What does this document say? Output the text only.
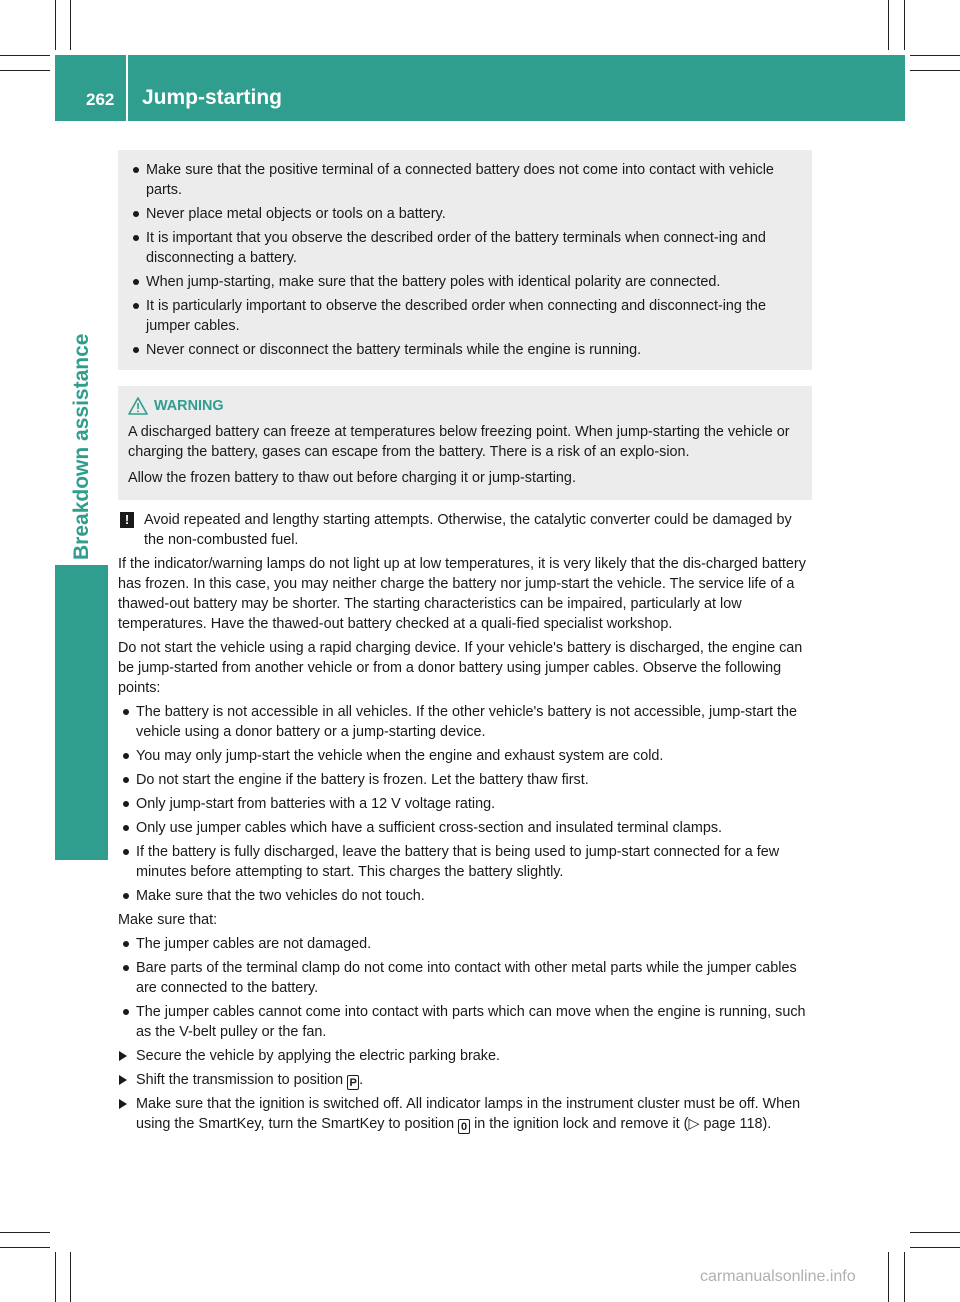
262 Jump-starting
Breakdown assistance
Make sure that the positive terminal of a connected battery does not come into contact with vehicle parts.
Never place metal objects or tools on a battery.
It is important that you observe the described order of the battery terminals when connect-ing and disconnecting a battery.
When jump-starting, make sure that the battery poles with identical polarity are connected.
It is particularly important to observe the described order when connecting and disconnect-ing the jumper cables.
Never connect or disconnect the battery terminals while the engine is running.
WARNING
A discharged battery can freeze at temperatures below freezing point. When jump-starting the vehicle or charging the battery, gases can escape from the battery. There is a risk of an explo-sion.
Allow the frozen battery to thaw out before charging it or jump-starting.
!	Avoid repeated and lengthy starting attempts. Otherwise, the catalytic converter could be damaged by the non-combusted fuel.
If the indicator/warning lamps do not light up at low temperatures, it is very likely that the dis-charged battery has frozen. In this case, you may neither charge the battery nor jump-start the vehicle. The service life of a thawed-out battery may be shorter. The starting characteristics can be impaired, particularly at low temperatures. Have the thawed-out battery checked at a quali-fied specialist workshop.
Do not start the vehicle using a rapid charging device. If your vehicle's battery is discharged, the engine can be jump-started from another vehicle or from a donor battery using jumper cables. Observe the following points:
The battery is not accessible in all vehicles. If the other vehicle's battery is not accessible, jump-start the vehicle using a donor battery or a jump-starting device.
You may only jump-start the vehicle when the engine and exhaust system are cold.
Do not start the engine if the battery is frozen. Let the battery thaw first.
Only jump-start from batteries with a 12 V voltage rating.
Only use jumper cables which have a sufficient cross-section and insulated terminal clamps.
If the battery is fully discharged, leave the battery that is being used to jump-start connected for a few minutes before attempting to start. This charges the battery slightly.
Make sure that the two vehicles do not touch.
Make sure that:
The jumper cables are not damaged.
Bare parts of the terminal clamp do not come into contact with other metal parts while the jumper cables are connected to the battery.
The jumper cables cannot come into contact with parts which can move when the engine is running, such as the V-belt pulley or the fan.
Secure the vehicle by applying the electric parking brake.
Shift the transmission to position P .
Make sure that the ignition is switched off. All indicator lamps in the instrument cluster must be off. When using the SmartKey, turn the SmartKey to position 0 in the ignition lock and remove it (▷ page 118).
carmanualsonline.info
